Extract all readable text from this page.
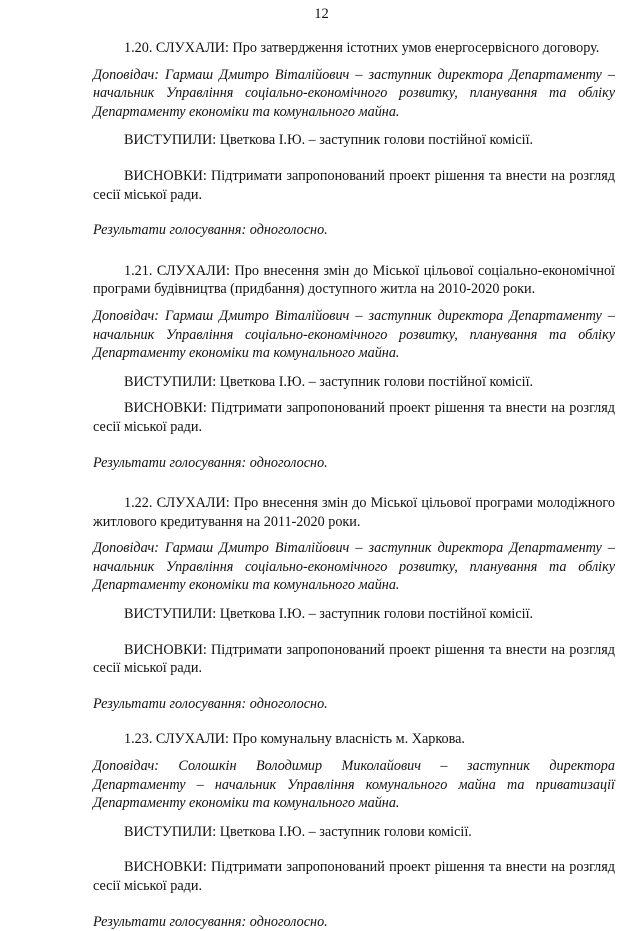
12

1.20. СЛУХАЛИ: Про затвердження істотних умов енергосервісного договору.

Доповідач: Гармаш Дмитро Віталійович – заступник директора Департаменту – начальник Управління соціально-економічного розвитку, планування та обліку Департаменту економіки та комунального майна.

ВИСТУПИЛИ: Цветкова І.Ю. – заступник голови постійної комісії.

ВИСНОВКИ: Підтримати запропонований проект рішення та внести на розгляд сесії міської ради.

Результати голосування: одноголосно.

1.21. СЛУХАЛИ: Про внесення змін до Міської цільової соціально-економічної програми будівництва (придбання) доступного житла на 2010-2020 роки.

Доповідач: Гармаш Дмитро Віталійович – заступник директора Департаменту – начальник Управління соціально-економічного розвитку, планування та обліку Департаменту економіки та комунального майна.

ВИСТУПИЛИ: Цветкова І.Ю. – заступник голови постійної комісії.

ВИСНОВКИ: Підтримати запропонований проект рішення та внести на розгляд сесії міської ради.

Результати голосування: одноголосно.

1.22. СЛУХАЛИ: Про внесення змін до Міської цільової програми молодіжного житлового кредитування на 2011-2020 роки.

Доповідач: Гармаш Дмитро Віталійович – заступник директора Департаменту – начальник Управління соціально-економічного розвитку, планування та обліку Департаменту економіки та комунального майна.

ВИСТУПИЛИ: Цветкова І.Ю. – заступник голови постійної комісії.

ВИСНОВКИ: Підтримати запропонований проект рішення та внести на розгляд сесії міської ради.

Результати голосування: одноголосно.

1.23. СЛУХАЛИ: Про комунальну власність м. Харкова.

Доповідач: Солошкін Володимир Миколайович – заступник директора Департаменту – начальник Управління комунального майна та приватизації Департаменту економіки та комунального майна.

ВИСТУПИЛИ: Цветкова І.Ю. – заступник голови комісії.

ВИСНОВКИ: Підтримати запропонований проект рішення та внести на розгляд сесії міської ради.

Результати голосування: одноголосно.
